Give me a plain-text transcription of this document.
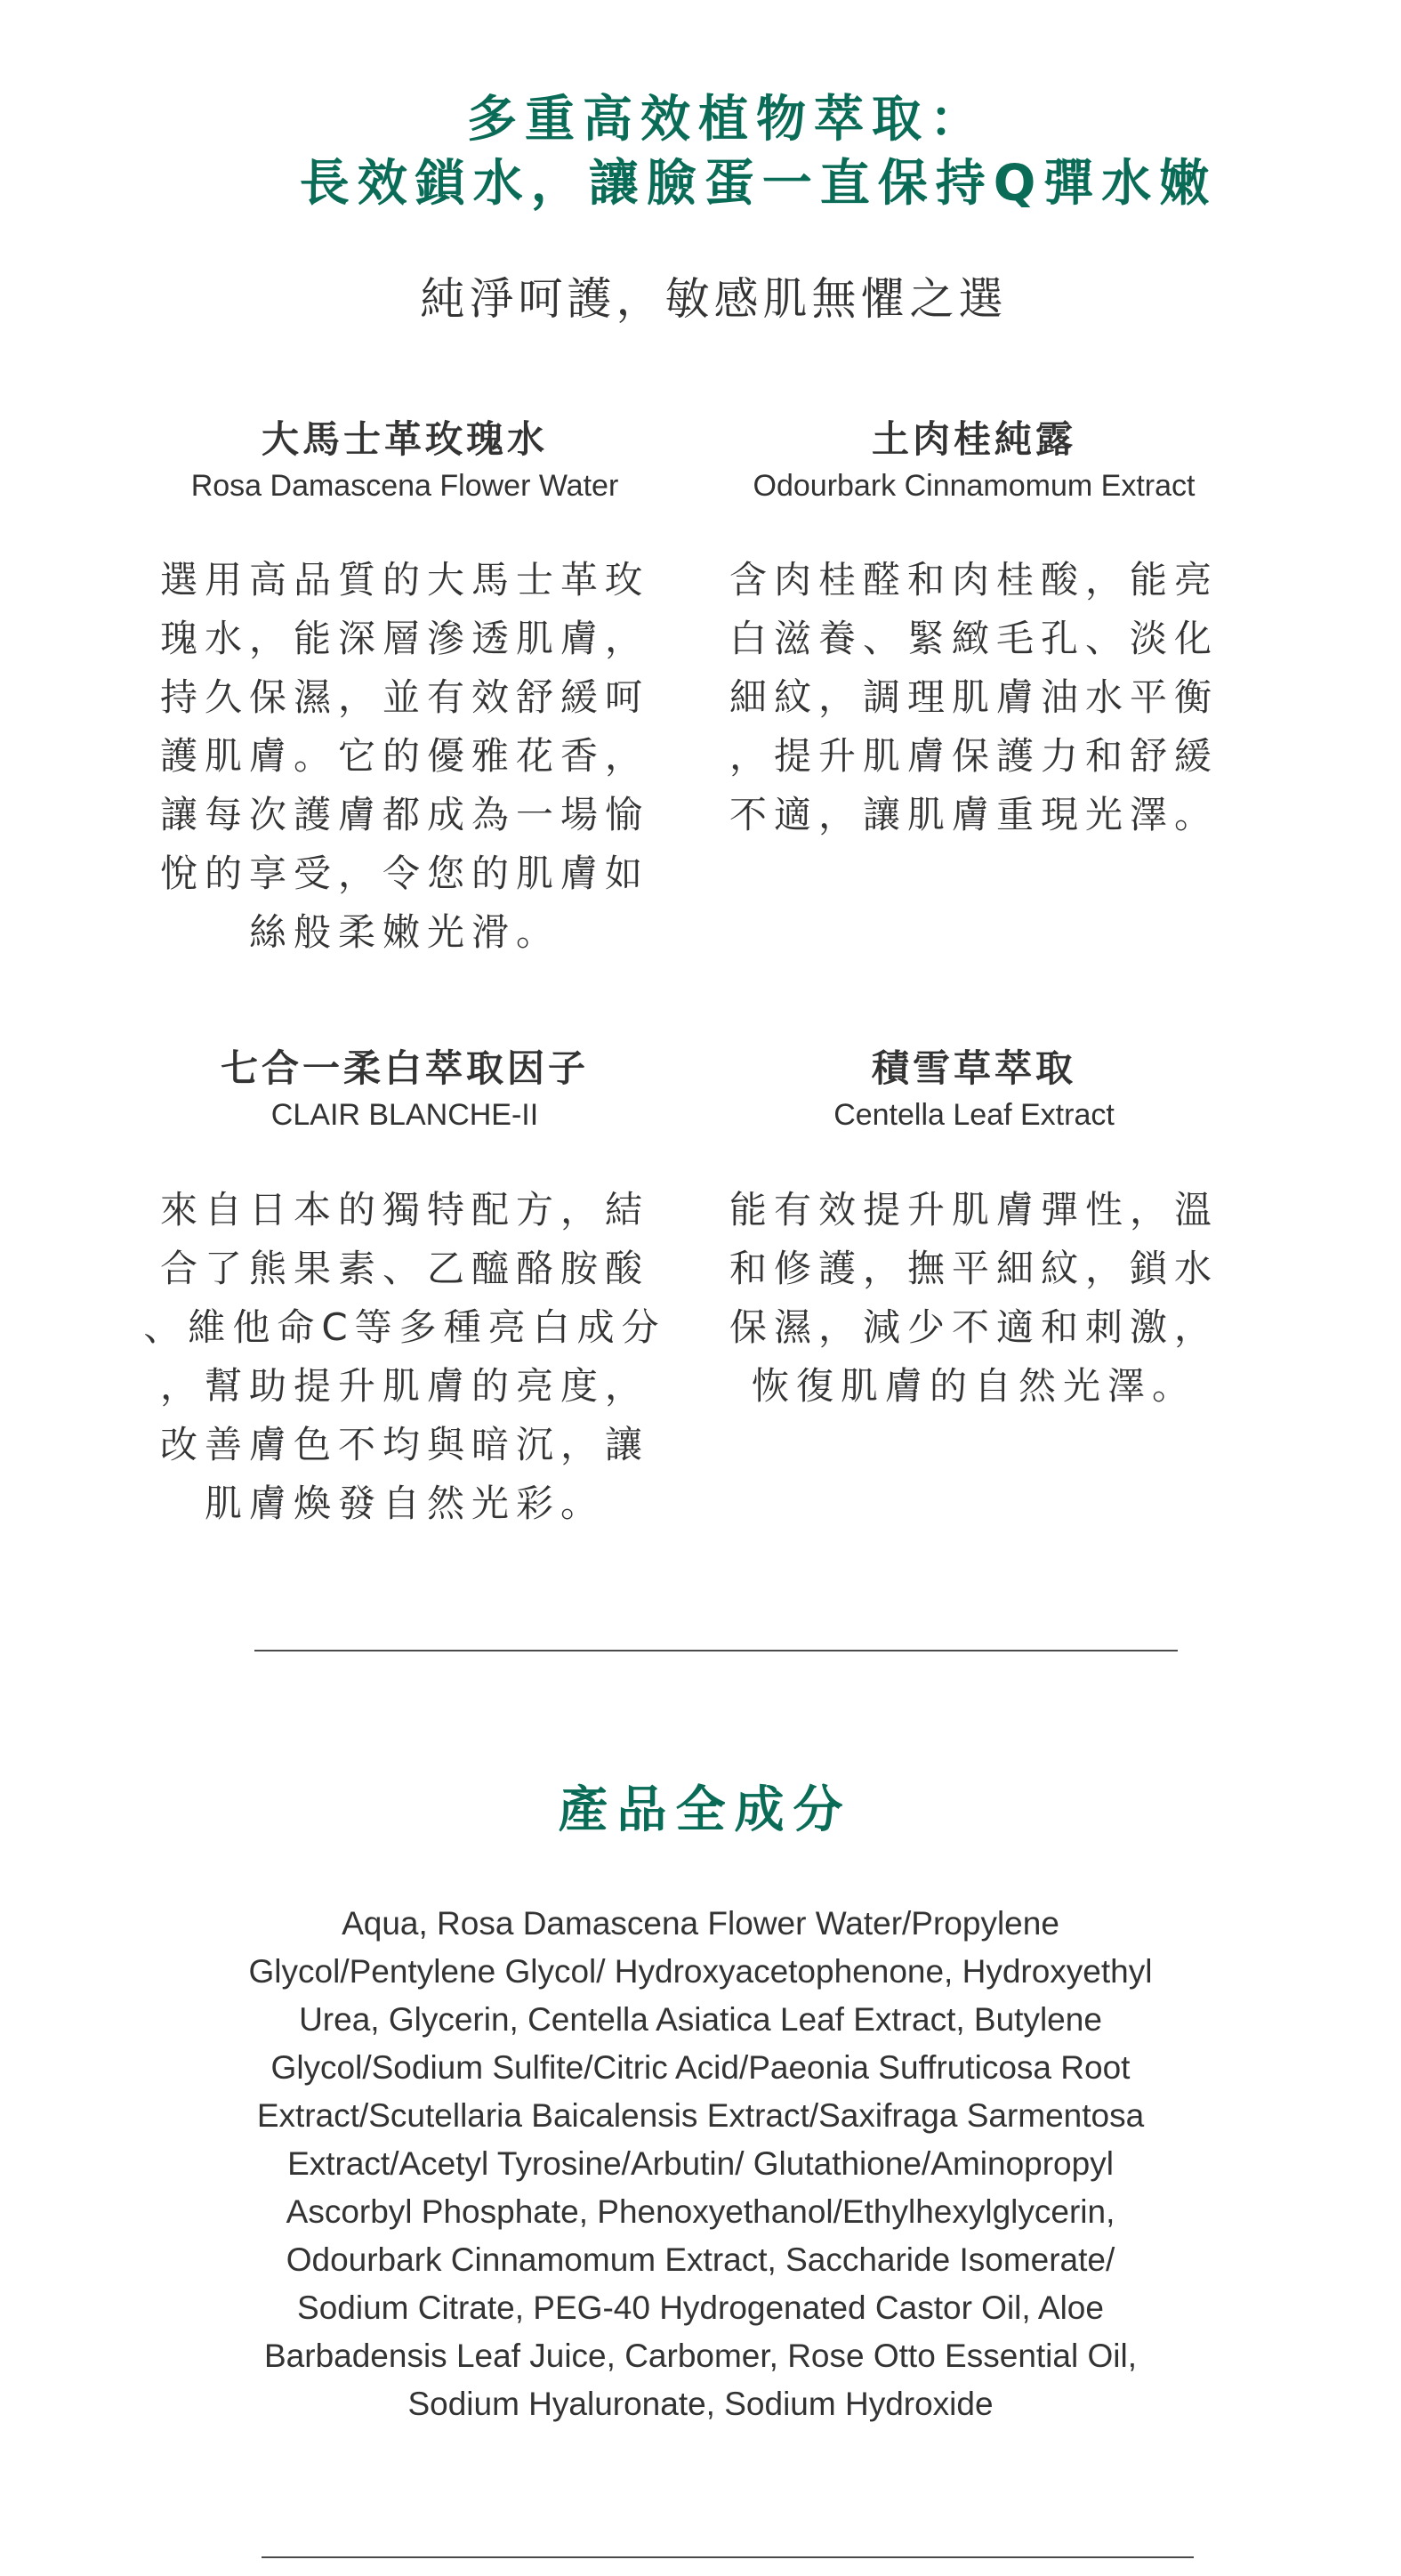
多重高效植物萃取：
長效鎖水，讓臉蛋一直保持Q彈水嫩
純淨呵護，敏感肌無懼之選
大馬士革玫瑰水
Rosa Damascena Flower Water
選用高品質的大馬士革玫
瑰水，能深層滲透肌膚，
持久保濕，並有效舒緩呵
護肌膚。它的優雅花香，
讓每次護膚都成為一場愉
悅的享受，令您的肌膚如
絲般柔嫩光滑。
土肉桂純露
Odourbark Cinnamomum Extract
含肉桂醛和肉桂酸，能亮
白滋養、緊緻毛孔、淡化
細紋，調理肌膚油水平衡
，提升肌膚保護力和舒緩
不適，讓肌膚重現光澤。
七合一柔白萃取因子
CLAIR BLANCHE-II
來自日本的獨特配方，結
合了熊果素、乙醯酪胺酸
、維他命C等多種亮白成分
，幫助提升肌膚的亮度，
改善膚色不均與暗沉，讓
肌膚煥發自然光彩。
積雪草萃取
Centella Leaf Extract
能有效提升肌膚彈性，溫
和修護，撫平細紋，鎖水
保濕，減少不適和刺激，
恢復肌膚的自然光澤。
產品全成分
Aqua, Rosa Damascena Flower Water/Propylene
Glycol/Pentylene Glycol/ Hydroxyacetophenone, Hydroxyethyl
Urea, Glycerin, Centella Asiatica Leaf Extract, Butylene
Glycol/Sodium Sulfite/Citric Acid/Paeonia Suffruticosa Root
Extract/Scutellaria Baicalensis Extract/Saxifraga Sarmentosa
Extract/Acetyl Tyrosine/Arbutin/ Glutathione/Aminopropyl
Ascorbyl Phosphate, Phenoxyethanol/Ethylhexylglycerin,
Odourbark Cinnamomum Extract, Saccharide Isomerate/
Sodium Citrate, PEG-40 Hydrogenated Castor Oil, Aloe
Barbadensis Leaf Juice, Carbomer, Rose Otto Essential Oil,
Sodium Hyaluronate, Sodium Hydroxide
